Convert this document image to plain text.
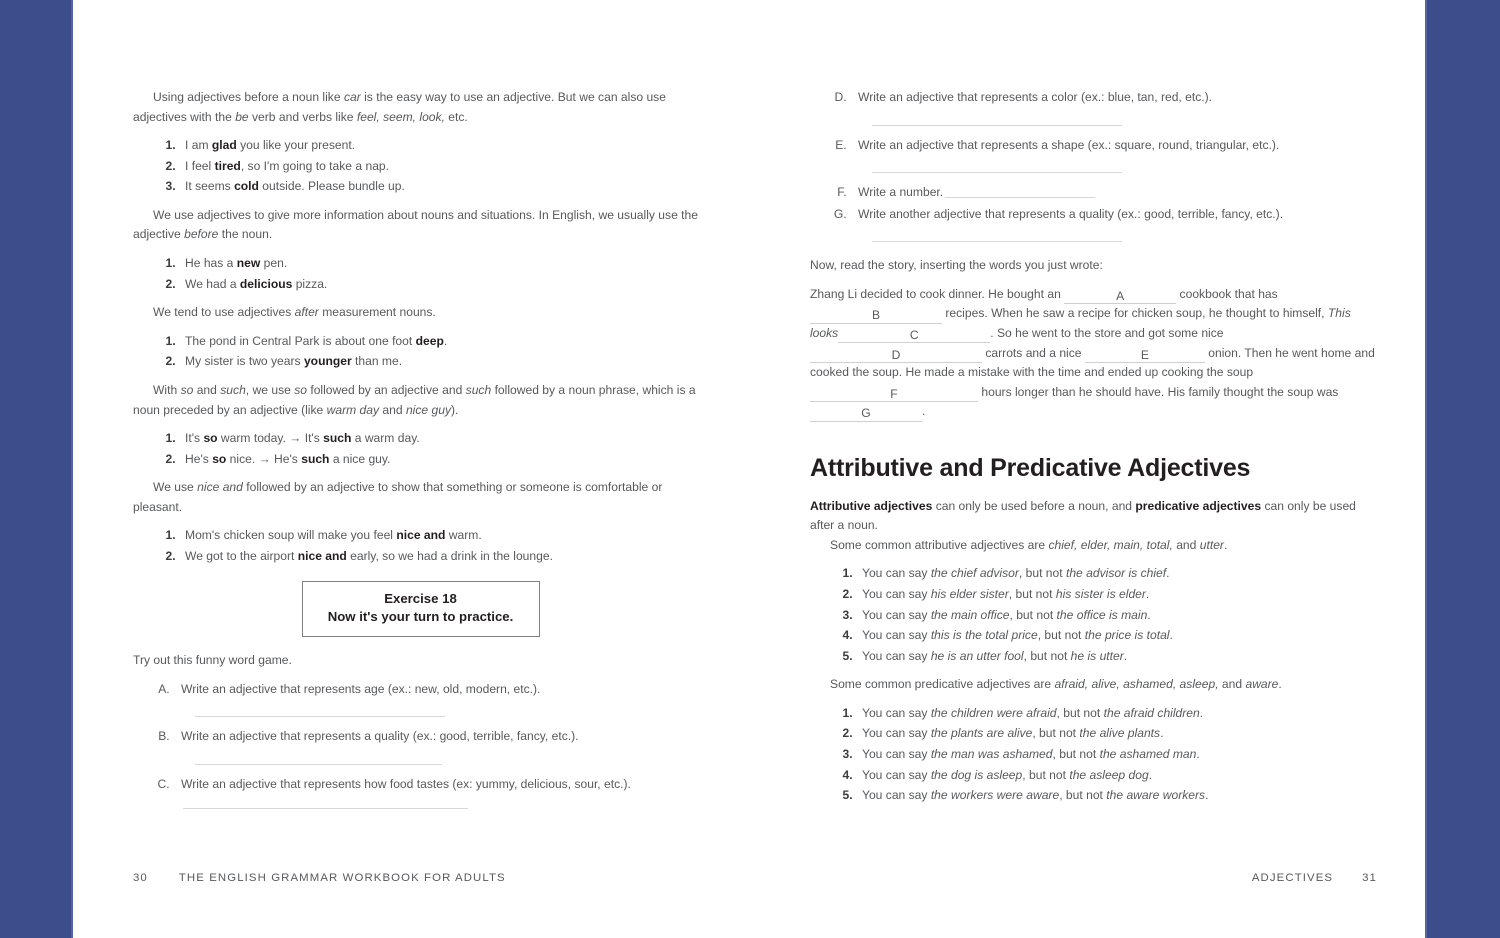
Using adjectives before a noun like car is the easy way to use an adjective. But we can also use adjectives with the be verb and verbs like feel, seem, look, etc.

1. I am glad you like your present.
2. I feel tired, so I'm going to take a nap.
3. It seems cold outside. Please bundle up.

We use adjectives to give more information about nouns and situations. In English, we usually use the adjective before the noun.

1. He has a new pen.
2. We had a delicious pizza.

We tend to use adjectives after measurement nouns.

1. The pond in Central Park is about one foot deep.
2. My sister is two years younger than me.

With so and such, we use so followed by an adjective and such followed by a noun phrase, which is a noun preceded by an adjective (like warm day and nice guy).

1. It's so warm today. → It's such a warm day.
2. He's so nice. → He's such a nice guy.

We use nice and followed by an adjective to show that something or someone is comfortable or pleasant.

1. Mom's chicken soup will make you feel nice and warm.
2. We got to the airport nice and early, so we had a drink in the lounge.
Exercise 18
Now it's your turn to practice.

Try out this funny word game.

A. Write an adjective that represents age (ex.: new, old, modern, etc.).
B. Write an adjective that represents a quality (ex.: good, terrible, fancy, etc.).
C. Write an adjective that represents how food tastes (ex: yummy, delicious, sour, etc.).
30	THE ENGLISH GRAMMAR WORKBOOK FOR ADULTS
D. Write an adjective that represents a color (ex.: blue, tan, red, etc.).
E. Write an adjective that represents a shape (ex.: square, round, triangular, etc.).
F. Write a number.
G. Write another adjective that represents a quality (ex.: good, terrible, fancy, etc.).

Now, read the story, inserting the words you just wrote:

Zhang Li decided to cook dinner. He bought an	A	cookbook that has B	recipes. When he saw a recipe for chicken soup, he thought to himself, This looks	C	. So he went to the store and got some nice D	carrots and a nice	E	onion. Then he went home and cooked the soup. He made a mistake with the time and ended up cooking the soup F	hours longer than he should have. His family thought the soup was G	.

Attributive and Predicative Adjectives

Attributive adjectives can only be used before a noun, and predicative adjectives can only be used after a noun.

Some common attributive adjectives are chief, elder, main, total, and utter.

1. You can say the chief advisor, but not the advisor is chief.
2. You can say his elder sister, but not his sister is elder.
3. You can say the main office, but not the office is main.
4. You can say this is the total price, but not the price is total.
5. You can say he is an utter fool, but not he is utter.

Some common predicative adjectives are afraid, alive, ashamed, asleep, and aware.

1. You can say the children were afraid, but not the afraid children.
2. You can say the plants are alive, but not the alive plants.
3. You can say the man was ashamed, but not the ashamed man.
4. You can say the dog is asleep, but not the asleep dog.
5. You can say the workers were aware, but not the aware workers.
ADJECTIVES	31
